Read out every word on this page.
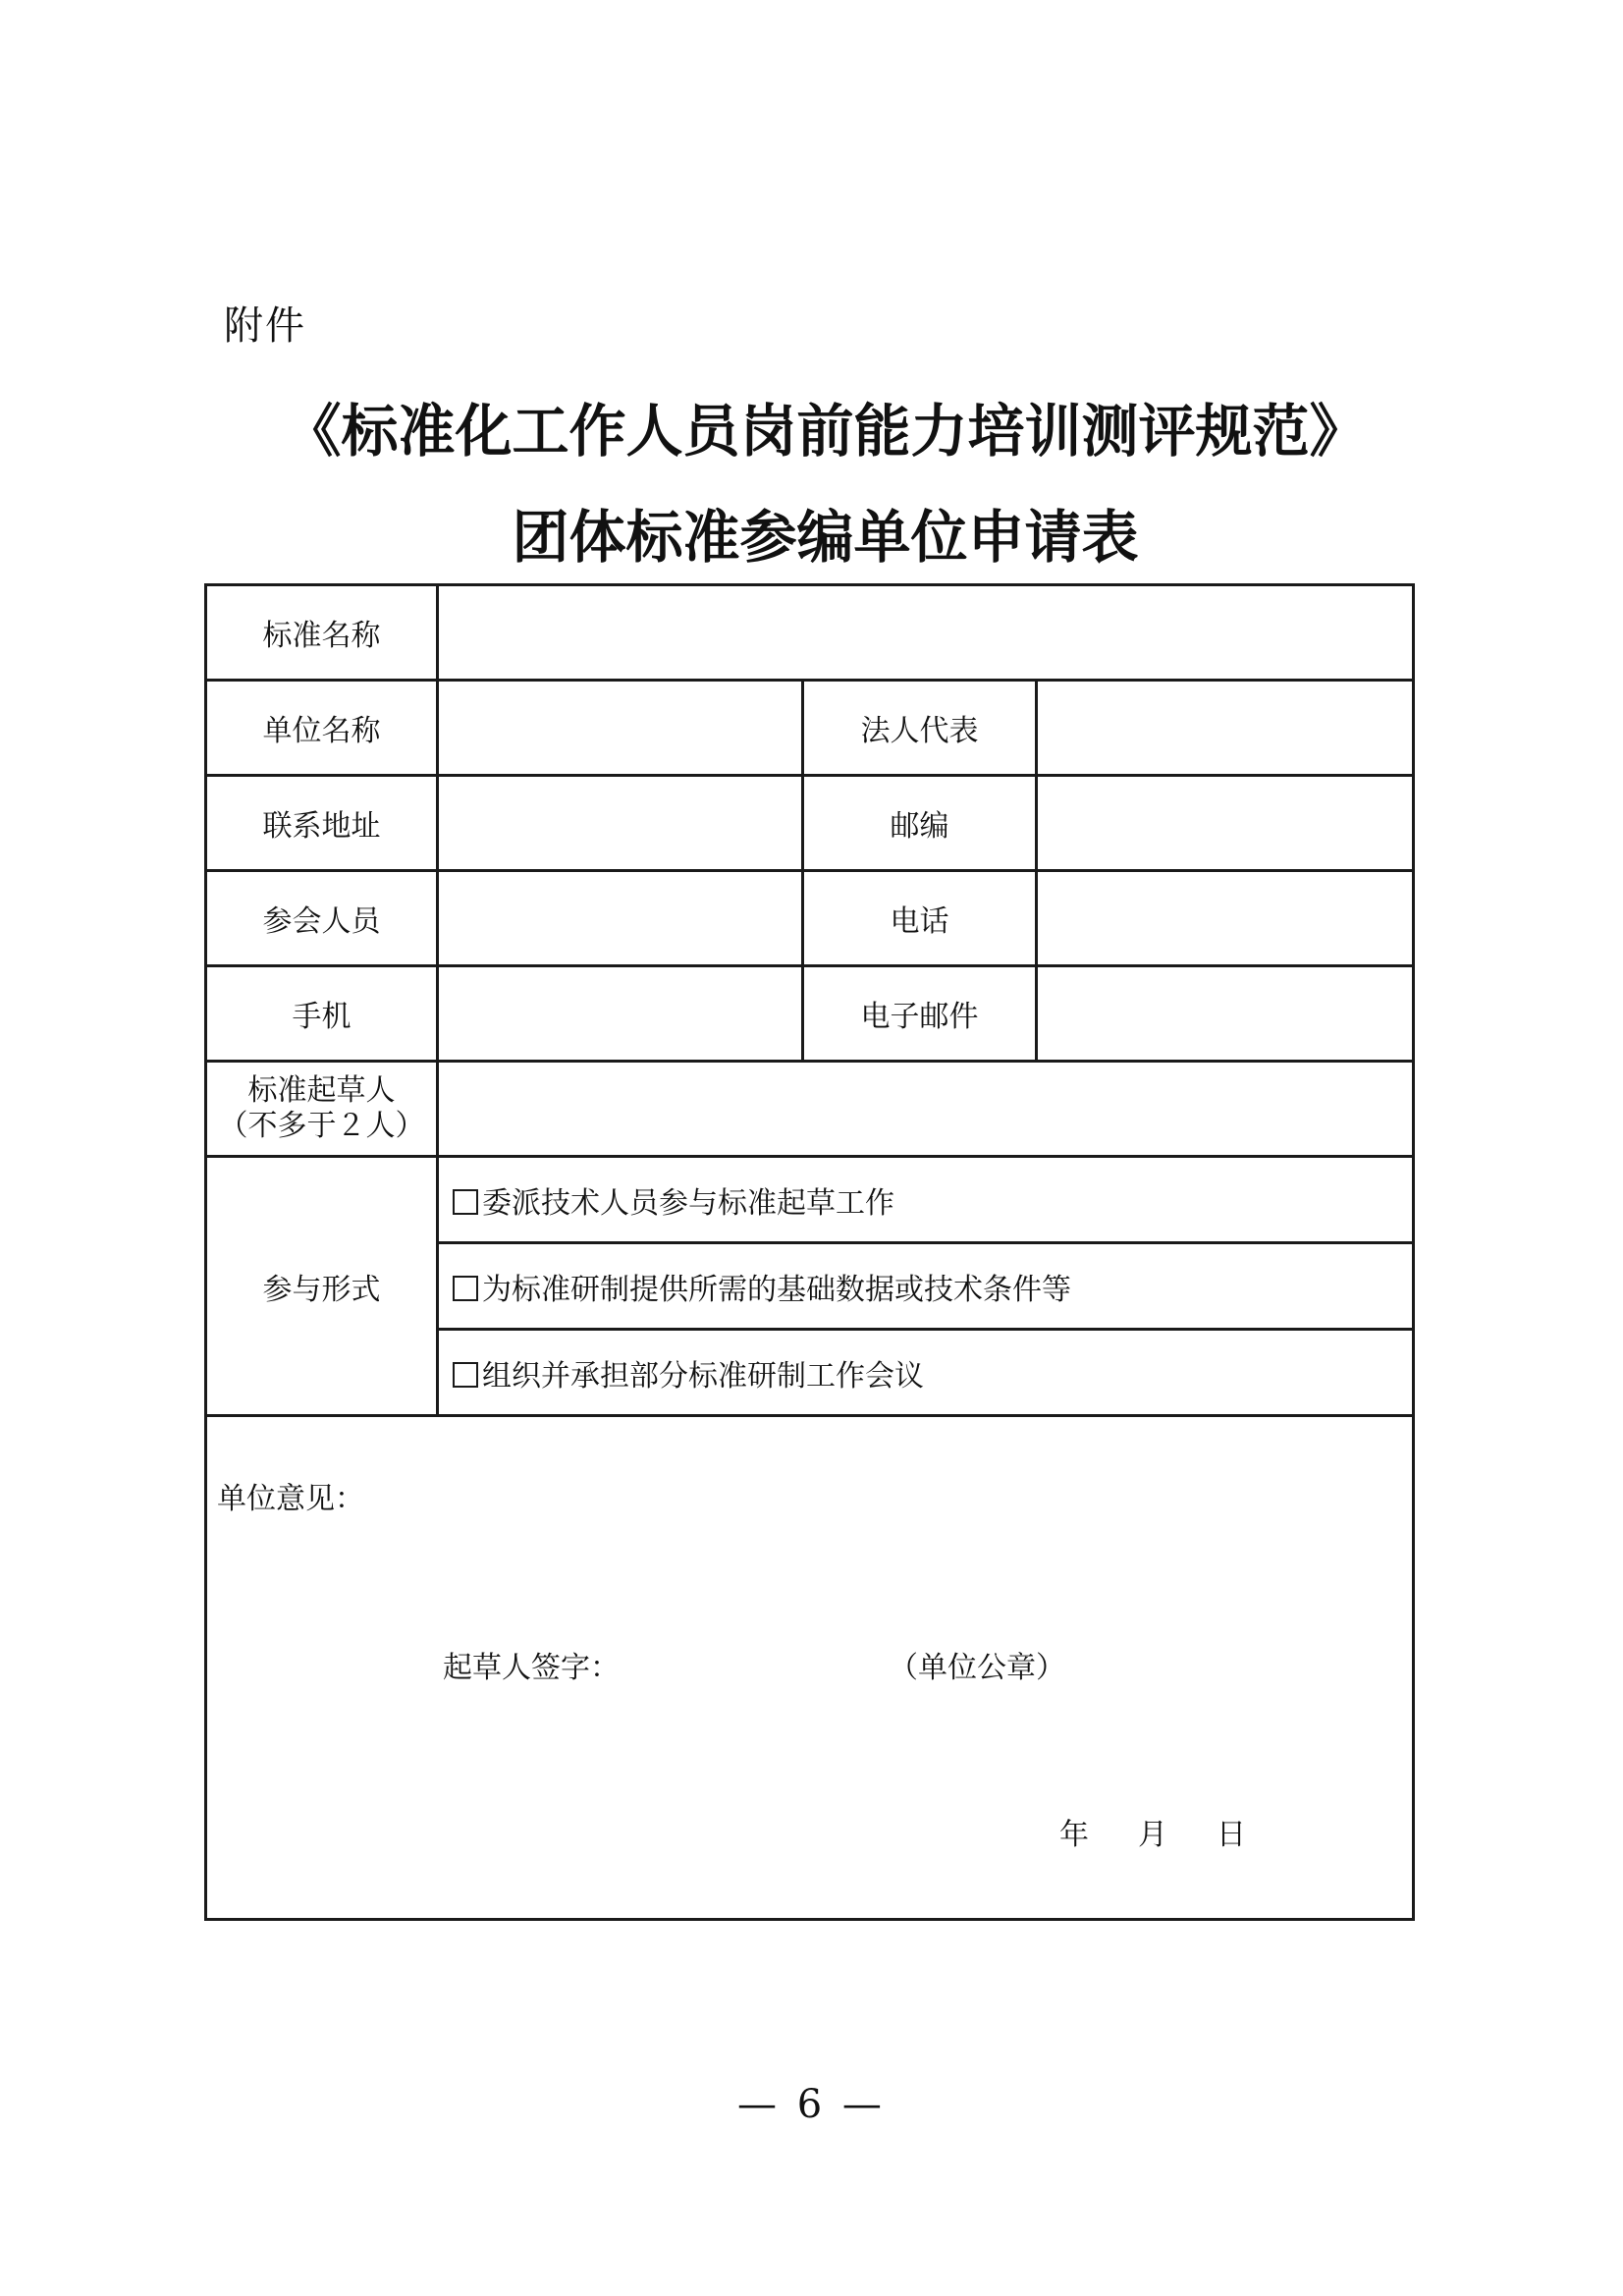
附件
《标准化工作人员岗前能力培训测评规范》
团体标准参编单位申请表
标准名称			
单位名称		法人代表	
联系地址		邮编	
参会人员		电话	
手机		电子邮件	

标准起草人
（不多于２人）			

参与形式	委派技术人员参与标准起草工作		
	为标准研制提供所需的基础数据或技术条件等		
	组织并承担部分标准研制工作会议		

单位意见：
起草人签字： （单位公章）
年 月 日			
— 6 —
